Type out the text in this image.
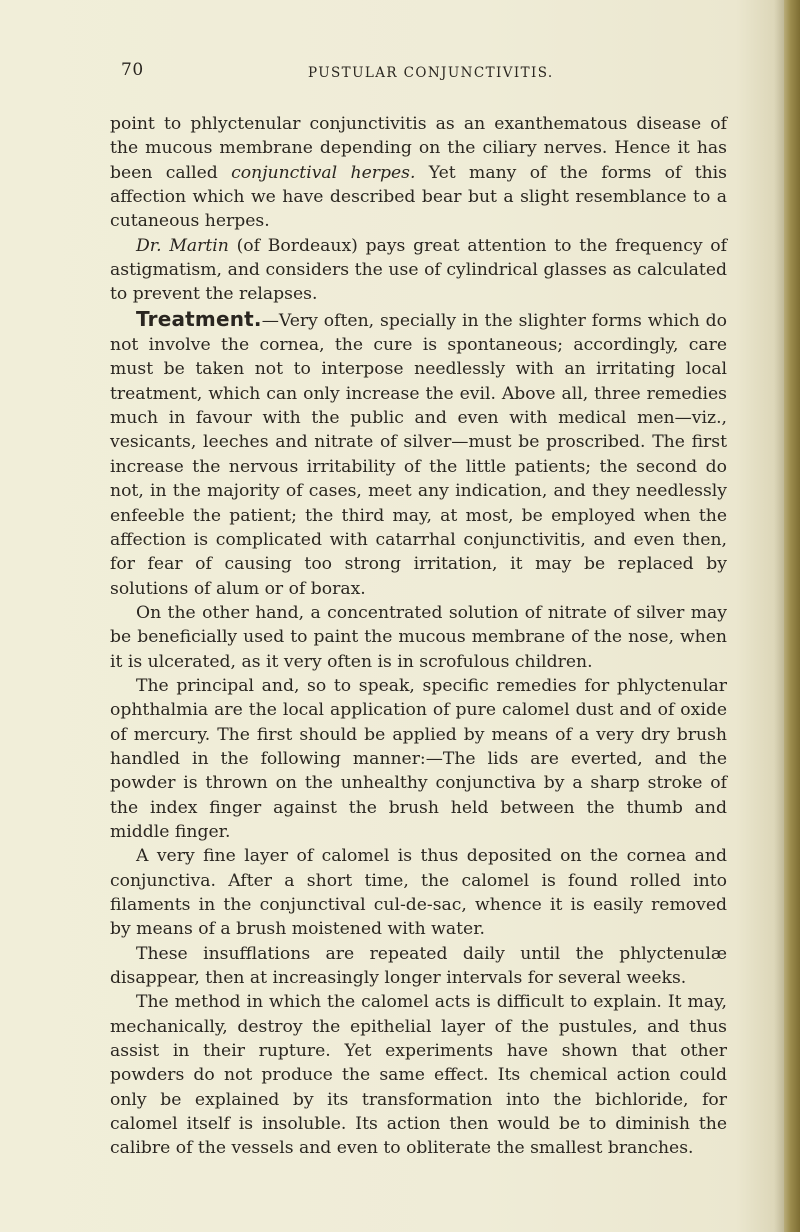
70	PUSTULAR CONJUNCTIVITIS.

point to phlyctenular conjunctivitis as an exanthematous disease of the mucous membrane depending on the ciliary nerves. Hence it has been called conjunctival herpes. Yet many of the forms of this affection which we have described bear but a slight resemblance to a cutaneous herpes.

Dr. Martin (of Bordeaux) pays great attention to the frequency of astigmatism, and considers the use of cylindrical glasses as calculated to prevent the relapses.

Treatment.—Very often, specially in the slighter forms which do not involve the cornea, the cure is spontaneous; accordingly, care must be taken not to interpose needlessly with an irritating local treatment, which can only increase the evil. Above all, three remedies much in favour with the public and even with medical men—viz., vesicants, leeches and nitrate of silver—must be proscribed. The first increase the nervous irritability of the little patients; the second do not, in the majority of cases, meet any indication, and they needlessly enfeeble the patient; the third may, at most, be employed when the affection is complicated with catarrhal conjunctivitis, and even then, for fear of causing too strong irritation, it may be replaced by solutions of alum or of borax.

On the other hand, a concentrated solution of nitrate of silver may be beneficially used to paint the mucous membrane of the nose, when it is ulcerated, as it very often is in scrofulous children.

The principal and, so to speak, specific remedies for phlyctenular ophthalmia are the local application of pure calomel dust and of oxide of mercury. The first should be applied by means of a very dry brush handled in the following manner:—The lids are everted, and the powder is thrown on the unhealthy conjunctiva by a sharp stroke of the index finger against the brush held between the thumb and middle finger.

A very fine layer of calomel is thus deposited on the cornea and conjunctiva. After a short time, the calomel is found rolled into filaments in the conjunctival cul-de-sac, whence it is easily removed by means of a brush moistened with water.

These insufflations are repeated daily until the phlyctenulæ disappear, then at increasingly longer intervals for several weeks.

The method in which the calomel acts is difficult to explain. It may, mechanically, destroy the epithelial layer of the pustules, and thus assist in their rupture. Yet experiments have shown that other powders do not produce the same effect. Its chemical action could only be explained by its transformation into the bichloride, for calomel itself is insoluble. Its action then would be to diminish the calibre of the vessels and even to obliterate the smallest branches.
